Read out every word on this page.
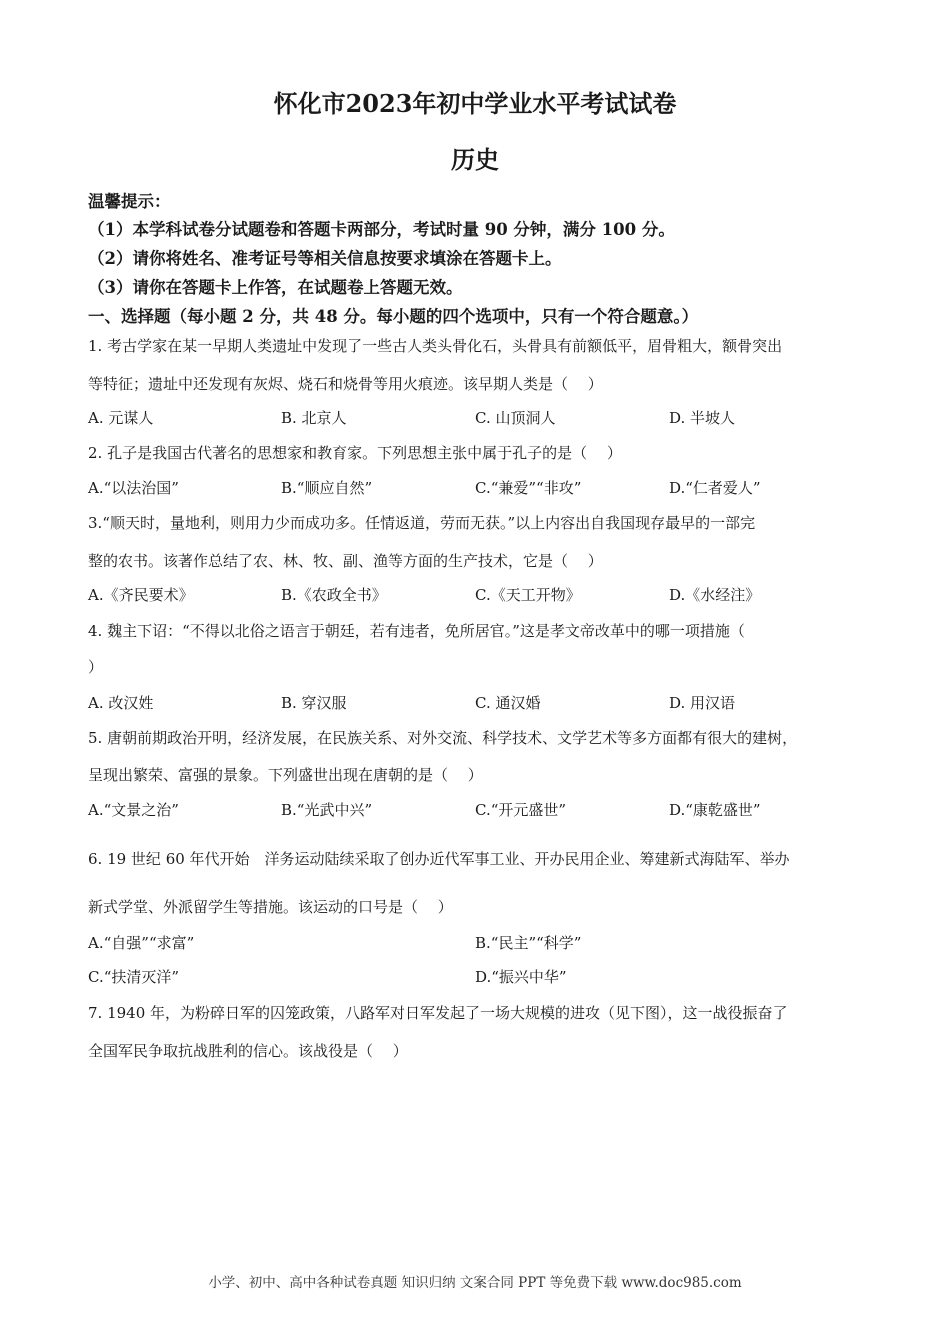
怀化市2023年初中学业水平考试试卷
历史
温馨提示：
（1）本学科试卷分试题卷和答题卡两部分，考试时量 90 分钟，满分 100 分。
（2）请你将姓名、准考证号等相关信息按要求填涂在答题卡上。
（3）请你在答题卡上作答，在试题卷上答题无效。
一、选择题（每小题 2 分，共 48 分。每小题的四个选项中，只有一个符合题意。）
1. 考古学家在某一早期人类遗址中发现了一些古人类头骨化石，头骨具有前额低平，眉骨粗大，额骨突出
等特征；遗址中还发现有灰烬、烧石和烧骨等用火痕迹。该早期人类是（　 ）
A. 元谋人	B. 北京人	C. 山顶洞人	D. 半坡人
2. 孔子是我国古代著名的思想家和教育家。下列思想主张中属于孔子的是（　 ）
A.“以法治国”	B.“顺应自然”	C.“兼爱”“非攻”	D.“仁者爱人”
3.“顺天时，量地利，则用力少而成功多。任情返道，劳而无获。”以上内容出自我国现存最早的一部完
整的农书。该著作总结了农、林、牧、副、渔等方面的生产技术，它是（　 ）
A.《齐民要术》	B.《农政全书》	C.《天工开物》	D.《水经注》
4. 魏主下诏：“不得以北俗之语言于朝廷，若有违者，免所居官。”这是孝文帝改革中的哪一项措施（
）
A. 改汉姓	B. 穿汉服	C. 通汉婚	D. 用汉语
5. 唐朝前期政治开明，经济发展，在民族关系、对外交流、科学技术、文学艺术等多方面都有很大的建树，
呈现出繁荣、富强的景象。下列盛世出现在唐朝的是（　 ）
A.“文景之治”	B.“光武中兴”	C.“开元盛世”	D.“康乾盛世”
6. 19 世纪 60 年代开始　洋务运动陆续采取了创办近代军事工业、开办民用企业、筹建新式海陆军、举办
新式学堂、外派留学生等措施。该运动的口号是（　 ）
A.“自强”“求富”	B.“民主”“科学”
C.“扶清灭洋”	D.“振兴中华”
7. 1940 年，为粉碎日军的囚笼政策，八路军对日军发起了一场大规模的进攻（见下图），这一战役振奋了
全国军民争取抗战胜利的信心。该战役是（　 ）
小学、初中、高中各种试卷真题 知识归纳 文案合同 PPT 等免费下载 www.doc985.com
